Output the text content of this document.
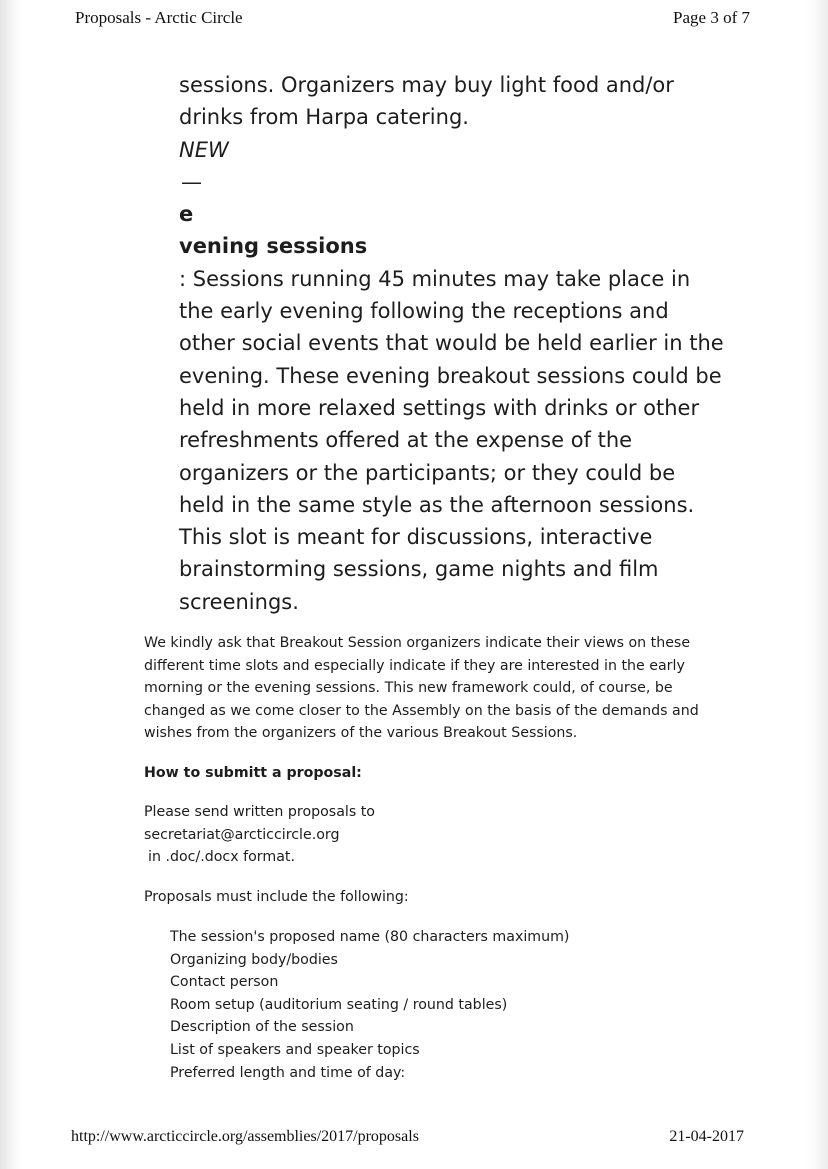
Proposals - Arctic Circle	Page 3 of 7
sessions. Organizers may buy light food and/or
drinks from Harpa catering.
NEW
—
e
vening sessions
: Sessions running 45 minutes may take place in
the early evening following the receptions and
other social events that would be held earlier in the
evening. These evening breakout sessions could be
held in more relaxed settings with drinks or other
refreshments offered at the expense of the
organizers or the participants; or they could be
held in the same style as the afternoon sessions.
This slot is meant for discussions, interactive
brainstorming sessions, game nights and film
screenings.
We kindly ask that Breakout Session organizers indicate their views on these
different time slots and especially indicate if they are interested in the early
morning or the evening sessions. This new framework could, of course, be
changed as we come closer to the Assembly on the basis of the demands and
wishes from the organizers of the various Breakout Sessions.
How to submitt a proposal:
Please send written proposals to
secretariat@arcticcircle.org
in .doc/.docx format.
Proposals must include the following:
The session's proposed name (80 characters maximum)
Organizing body/bodies
Contact person
Room setup (auditorium seating / round tables)
Description of the session
List of speakers and speaker topics
Preferred length and time of day:
http://www.arcticcircle.org/assemblies/2017/proposals	21-04-2017
